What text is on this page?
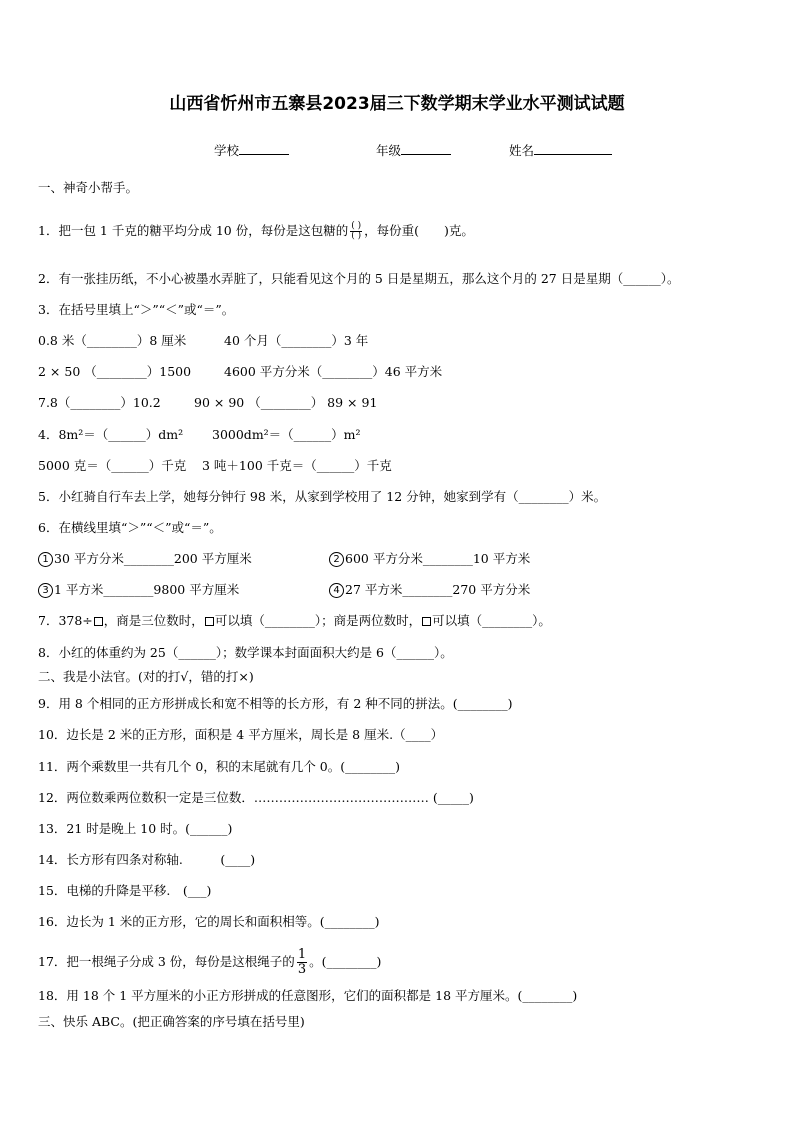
山西省忻州市五寨县2023届三下数学期末学业水平测试试题
学校	年级	姓名
一、神奇小帮手。
1．把一包 1 千克的糖平均分成 10 份，每份是这包糖的 $\frac{( )}{( )}$ ，每份重(　　)克。
2．有一张挂历纸，不小心被墨水弄脏了，只能看见这个月的 5 日是星期五，那么这个月的 27 日是星期（______）。
3．在括号里填上“＞”“＜”或“＝”。
0.8 米（________）8 厘米	40 个月（________）3 年
2 × 50 （________）1500	4600 平方分米（________）46 平方米
7.8（________）10.2	90 × 90 （________） 89 × 91
4．8m²＝（______）dm² 3000dm²＝（______）m²
5000 克＝（______）千克 3 吨＋100 千克＝（______）千克
5．小红骑自行车去上学，她每分钟行 98 米，从家到学校用了 12 分钟，她家到学有（________）米。
6．在横线里填“＞”“＜”或“＝”。
1 30 平方分米________200 平方厘米	2 600 平方分米________10 平方米
3 1 平方米________9800 平方厘米	4 27 平方米________270 平方分米
7．378÷ ，商是三位数时， 可以填（________）；商是两位数时， 可以填（________）。
8．小红的体重约为 25（______）；数学课本封面面积大约是 6（______）。
二、我是小法官。(对的打√，错的打×)
9．用 8 个相同的正方形拼成长和宽不相等的长方形，有 2 种不同的拼法。(________)
10．边长是 2 米的正方形，面积是 4 平方厘米，周长是 8 厘米.（____）
11．两个乘数里一共有几个 0，积的末尾就有几个 0。(________)
12．两位数乘两位数积一定是三位数．…………………………………… (_____)
13．21 时是晚上 10 时。(______)
14．长方形有四条对称轴.　　　(____)
15．电梯的升降是平移.　(___)
16．边长为 1 米的正方形，它的周长和面积相等。(________)
17．把一根绳子分成 3 份，每份是这根绳子的 $\frac{1}{3}$ 。(________)
18．用 18 个 1 平方厘米的小正方形拼成的任意图形，它们的面积都是 18 平方厘米。(________)
三、快乐 ABC。(把正确答案的序号填在括号里)
